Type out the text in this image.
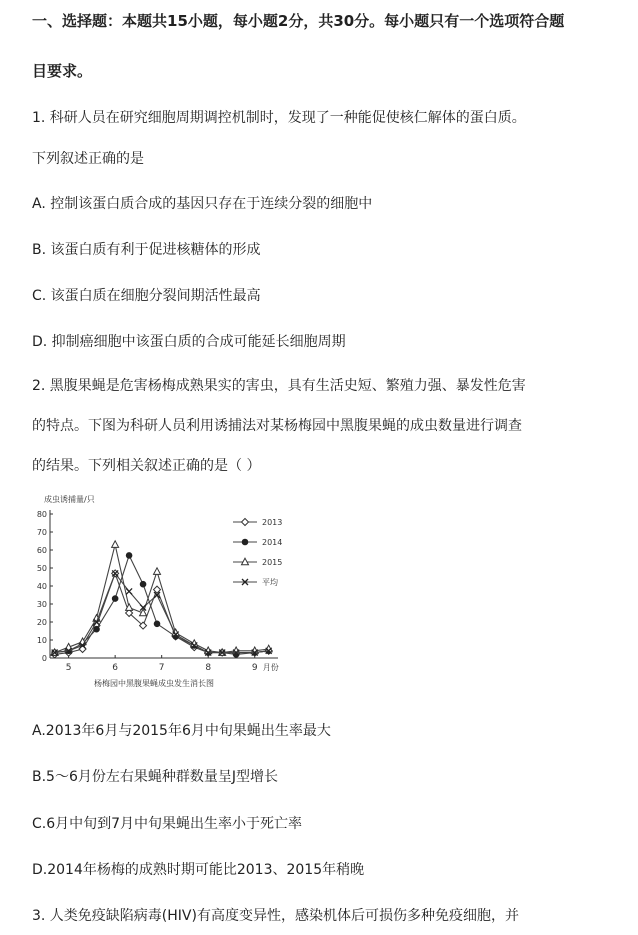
一、选择题：本题共15小题，每小题2分，共30分。每小题只有一个选项符合题
目要求。
1. 科研人员在研究细胞周期调控机制时，发现了一种能促使核仁解体的蛋白质。
下列叙述正确的是
A. 控制该蛋白质合成的基因只存在于连续分裂的细胞中
B. 该蛋白质有利于促进核糖体的形成
C. 该蛋白质在细胞分裂间期活性最高
D. 抑制癌细胞中该蛋白质的合成可能延长细胞周期
2. 黑腹果蝇是危害杨梅成熟果实的害虫，具有生活史短、繁殖力强、暴发性危害
的特点。下图为科研人员利用诱捕法对某杨梅园中黑腹果蝇的成虫数量进行调查
的结果。下列相关叙述正确的是（ ）
成虫诱捕量/只
0
10
20
30
40
50
60
70
80
5	6	7	8	9 月份
杨梅园中黑腹果蝇成虫发生消长图
2013
2014
2015
平均
A.2013年6月与2015年6月中旬果蝇出生率最大
B.5～6月份左右果蝇种群数量呈J型增长
C.6月中旬到7月中旬果蝇出生率小于死亡率
D.2014年杨梅的成熟时期可能比2013、2015年稍晚
3. 人类免疫缺陷病毒(HIV)有高度变异性，感染机体后可损伤多种免疫细胞，并
